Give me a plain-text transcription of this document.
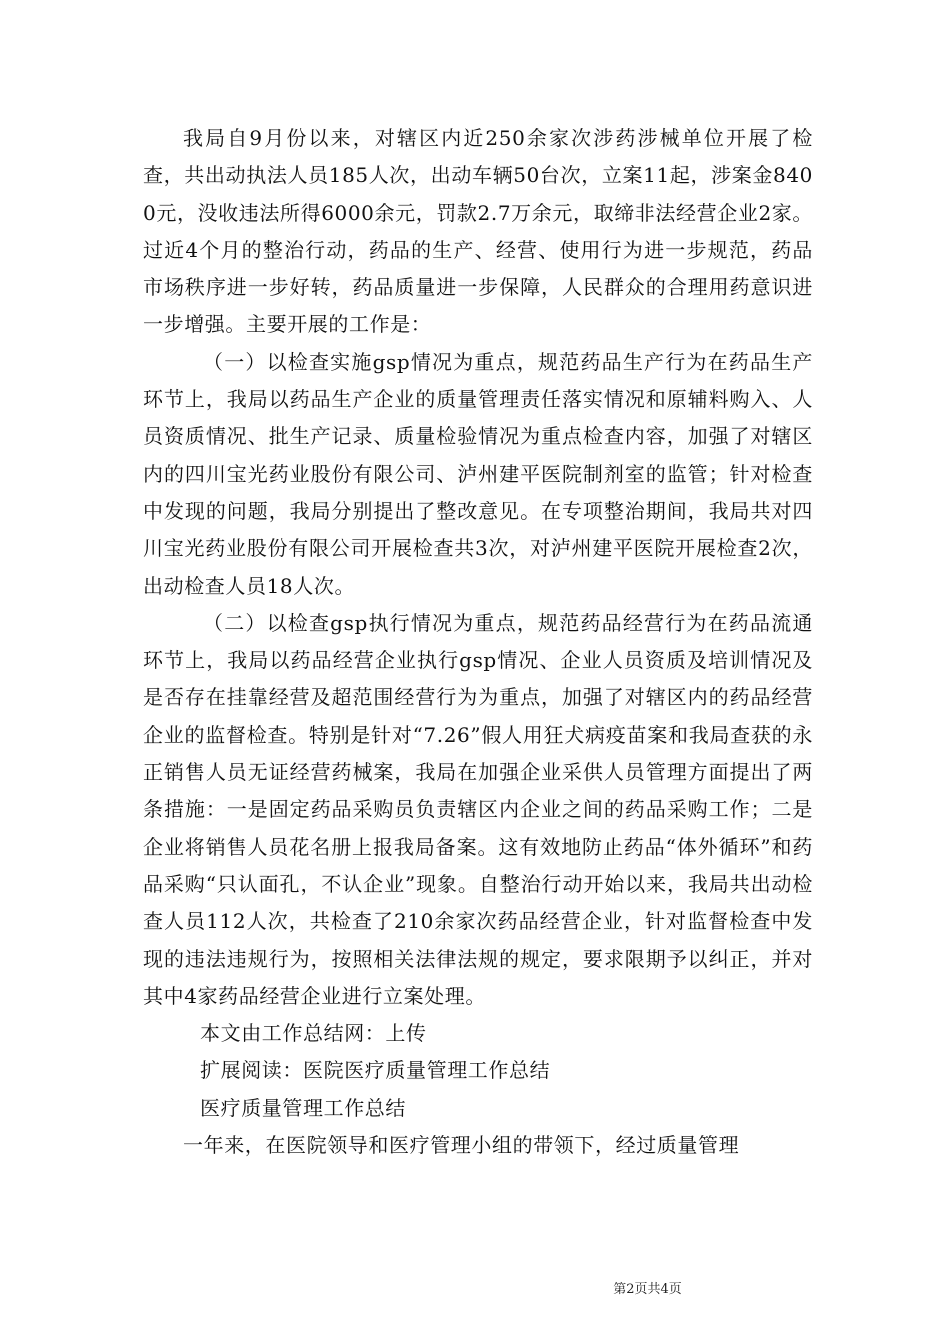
我局自9月份以来，对辖区内近250余家次涉药涉械单位开展了检查，共出动执法人员185人次，出动车辆50台次，立案11起，涉案金8400元，没收违法所得6000余元，罚款2.7万余元，取缔非法经营企业2家。过近4个月的整治行动，药品的生产、经营、使用行为进一步规范，药品市场秩序进一步好转，药品质量进一步保障，人民群众的合理用药意识进一步增强。主要开展的工作是：

（一）以检查实施gsp情况为重点，规范药品生产行为在药品生产环节上，我局以药品生产企业的质量管理责任落实情况和原辅料购入、人员资质情况、批生产记录、质量检验情况为重点检查内容，加强了对辖区内的四川宝光药业股份有限公司、泸州建平医院制剂室的监管；针对检查中发现的问题，我局分别提出了整改意见。在专项整治期间，我局共对四川宝光药业股份有限公司开展检查共3次，对泸州建平医院开展检查2次，出动检查人员18人次。

（二）以检查gsp执行情况为重点，规范药品经营行为在药品流通环节上，我局以药品经营企业执行gsp情况、企业人员资质及培训情况及是否存在挂靠经营及超范围经营行为为重点，加强了对辖区内的药品经营企业的监督检查。特别是针对“7.26”假人用狂犬病疫苗案和我局查获的永正销售人员无证经营药械案，我局在加强企业采供人员管理方面提出了两条措施：一是固定药品采购员负责辖区内企业之间的药品采购工作；二是企业将销售人员花名册上报我局备案。这有效地防止药品“体外循环”和药品采购“只认面孔，不认企业”现象。自整治行动开始以来，我局共出动检查人员112人次，共检查了210余家次药品经营企业，针对监督检查中发现的违法违规行为，按照相关法律法规的规定，要求限期予以纠正，并对其中4家药品经营企业进行立案处理。

本文由工作总结网：上传

扩展阅读：医院医疗质量管理工作总结

医疗质量管理工作总结

一年来，在医院领导和医疗管理小组的带领下，经过质量管理

第2页共4页
